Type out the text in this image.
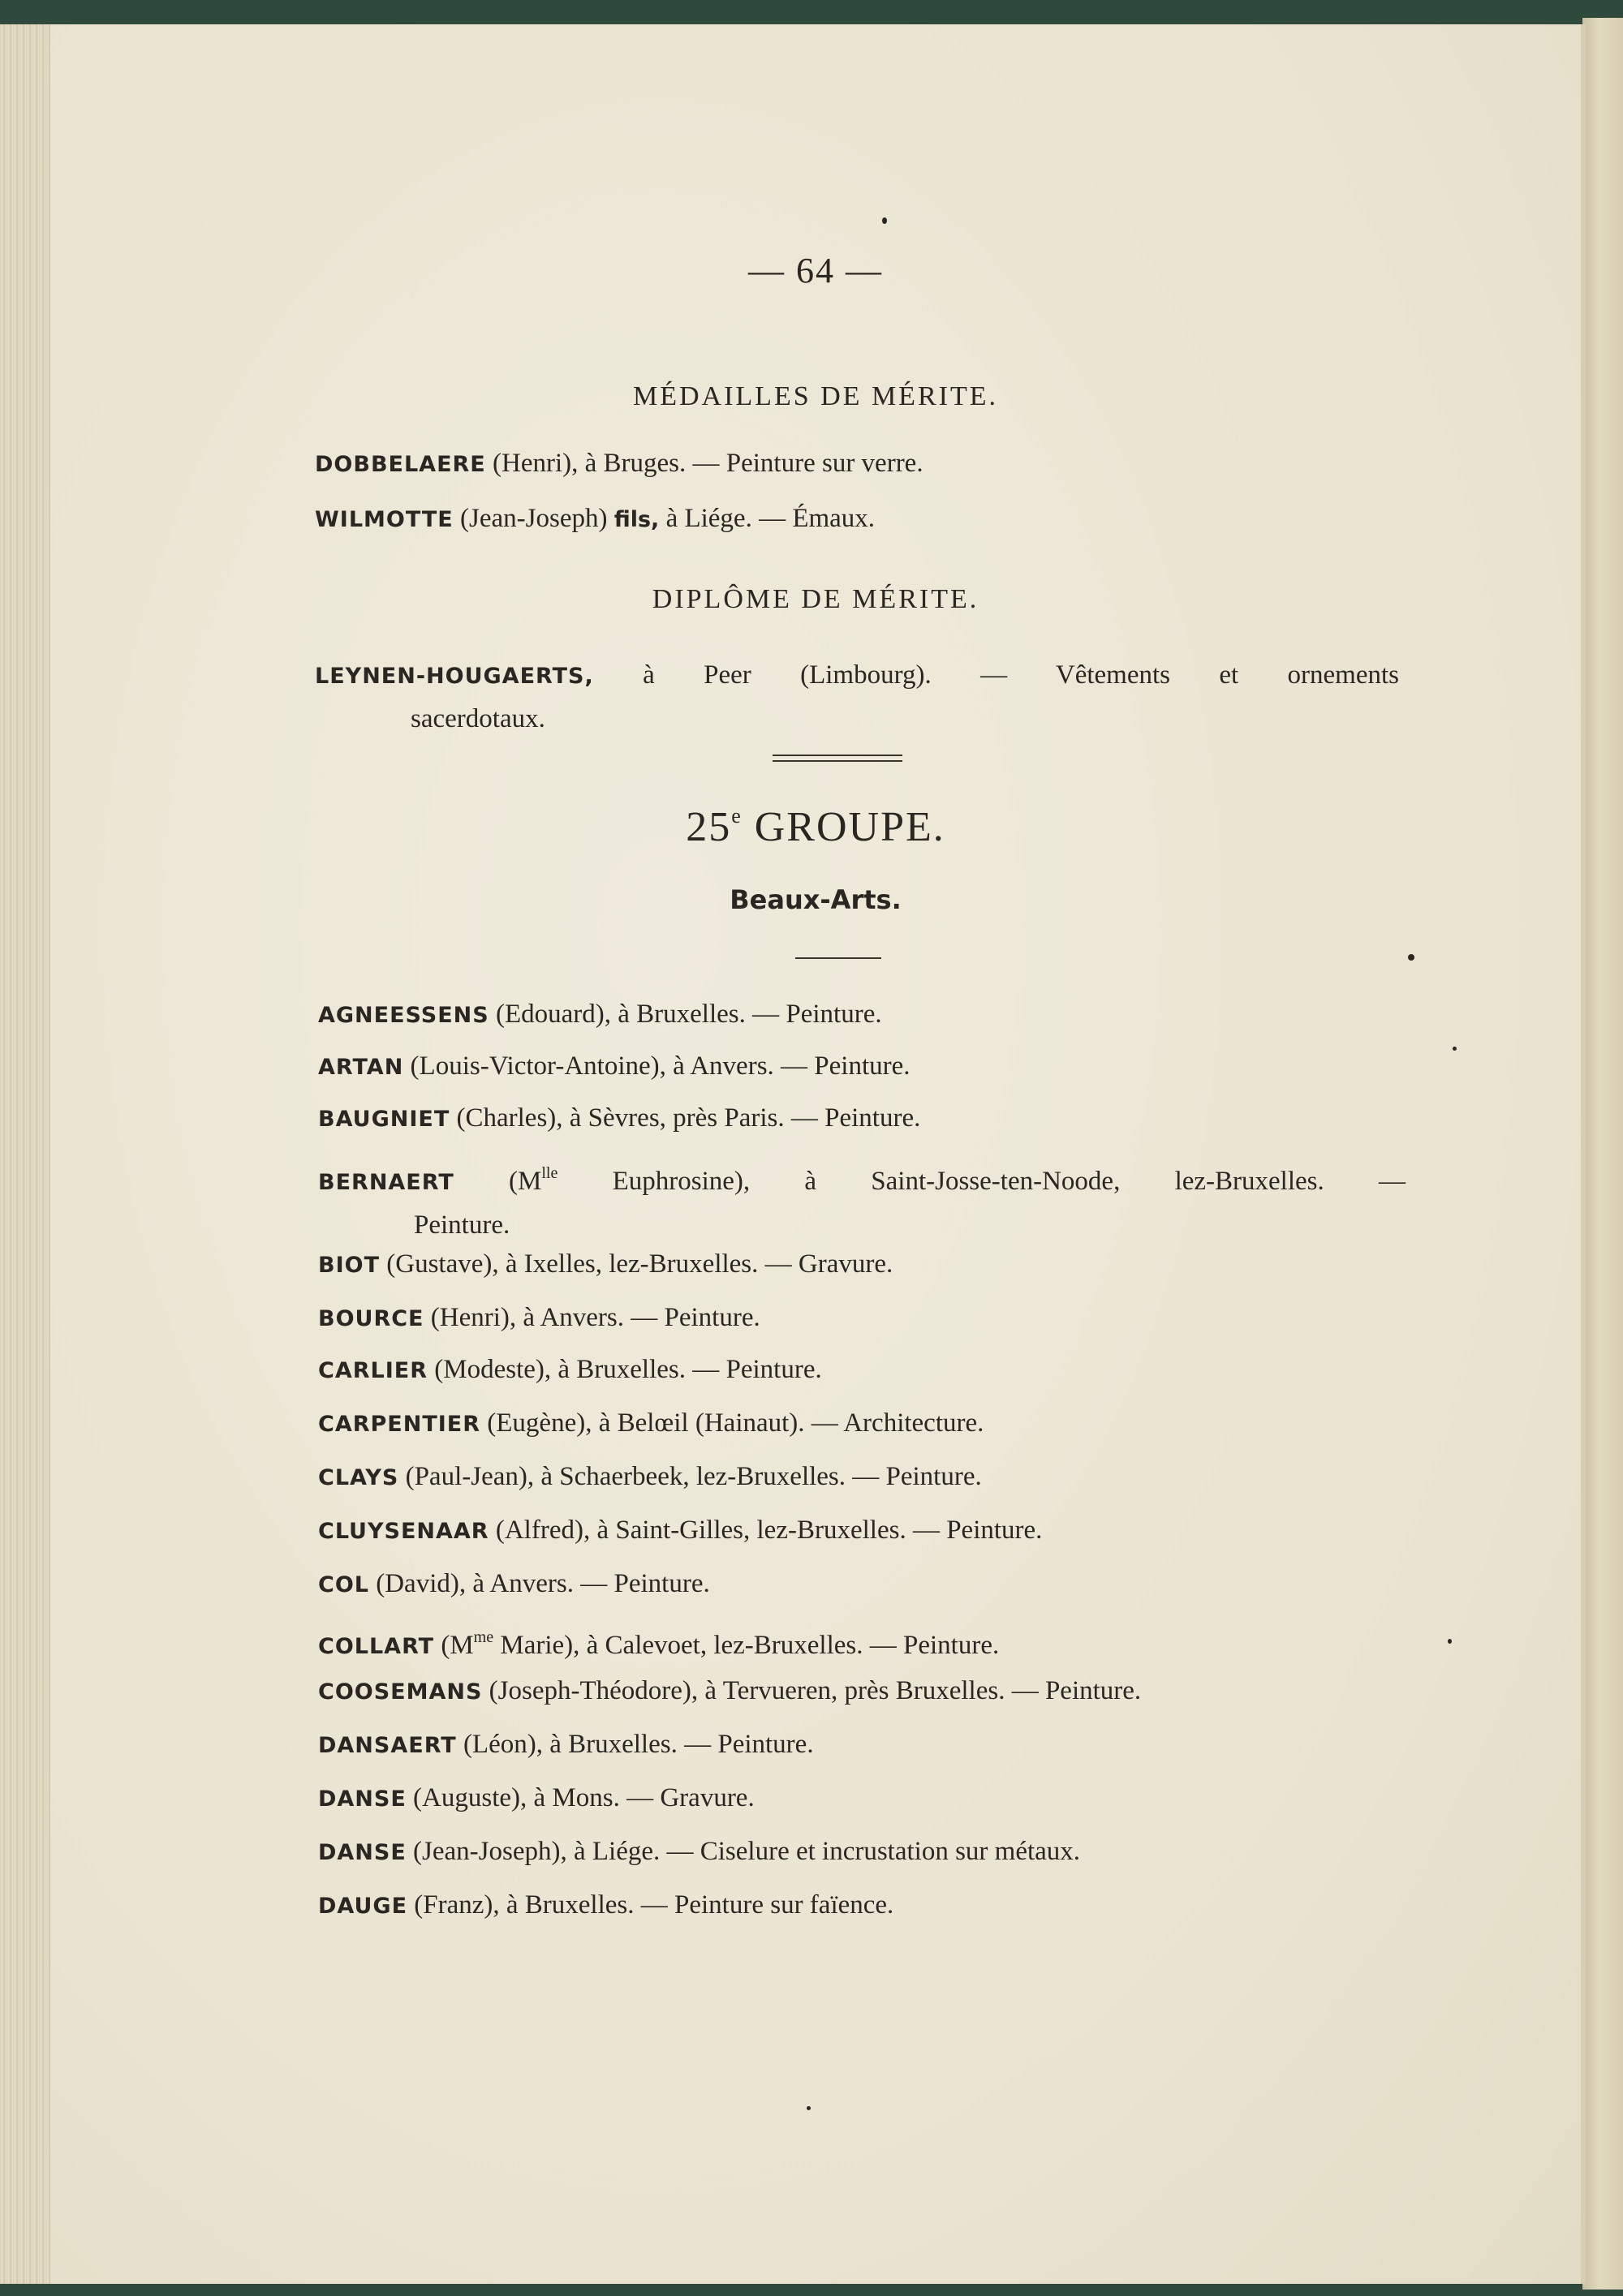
— 64 —
MÉDAILLES DE MÉRITE.
DOBBELAERE (Henri), à Bruges. — Peinture sur verre.
WILMOTTE (Jean-Joseph) fils, à Liége. — Émaux.
DIPLÔME DE MÉRITE.
LEYNEN-HOUGAERTS, à Peer (Limbourg). — Vêtements et ornements
sacerdotaux.
25e GROUPE.
Beaux-Arts.
AGNEESSENS (Edouard), à Bruxelles. — Peinture.
ARTAN (Louis-Victor-Antoine), à Anvers. — Peinture.
BAUGNIET (Charles), à Sèvres, près Paris. — Peinture.
BERNAERT ($M^{lle}$ Euphrosine), à Saint-Josse-ten-Noode, lez-Bruxelles. —
Peinture.
BIOT (Gustave), à Ixelles, lez-Bruxelles. — Gravure.
BOURCE (Henri), à Anvers. — Peinture.
CARLIER (Modeste), à Bruxelles. — Peinture.
CARPENTIER (Eugène), à Belœil (Hainaut). — Architecture.
CLAYS (Paul-Jean), à Schaerbeek, lez-Bruxelles. — Peinture.
CLUYSENAAR (Alfred), à Saint-Gilles, lez-Bruxelles. — Peinture.
COL (David), à Anvers. — Peinture.
COLLART ($M^{me}$ Marie), à Calevoet, lez-Bruxelles. — Peinture.
COOSEMANS (Joseph-Théodore), à Tervueren, près Bruxelles. — Peinture.
DANSAERT (Léon), à Bruxelles. — Peinture.
DANSE (Auguste), à Mons. — Gravure.
DANSE (Jean-Joseph), à Liége. — Ciselure et incrustation sur métaux.
DAUGE (Franz), à Bruxelles. — Peinture sur faïence.
